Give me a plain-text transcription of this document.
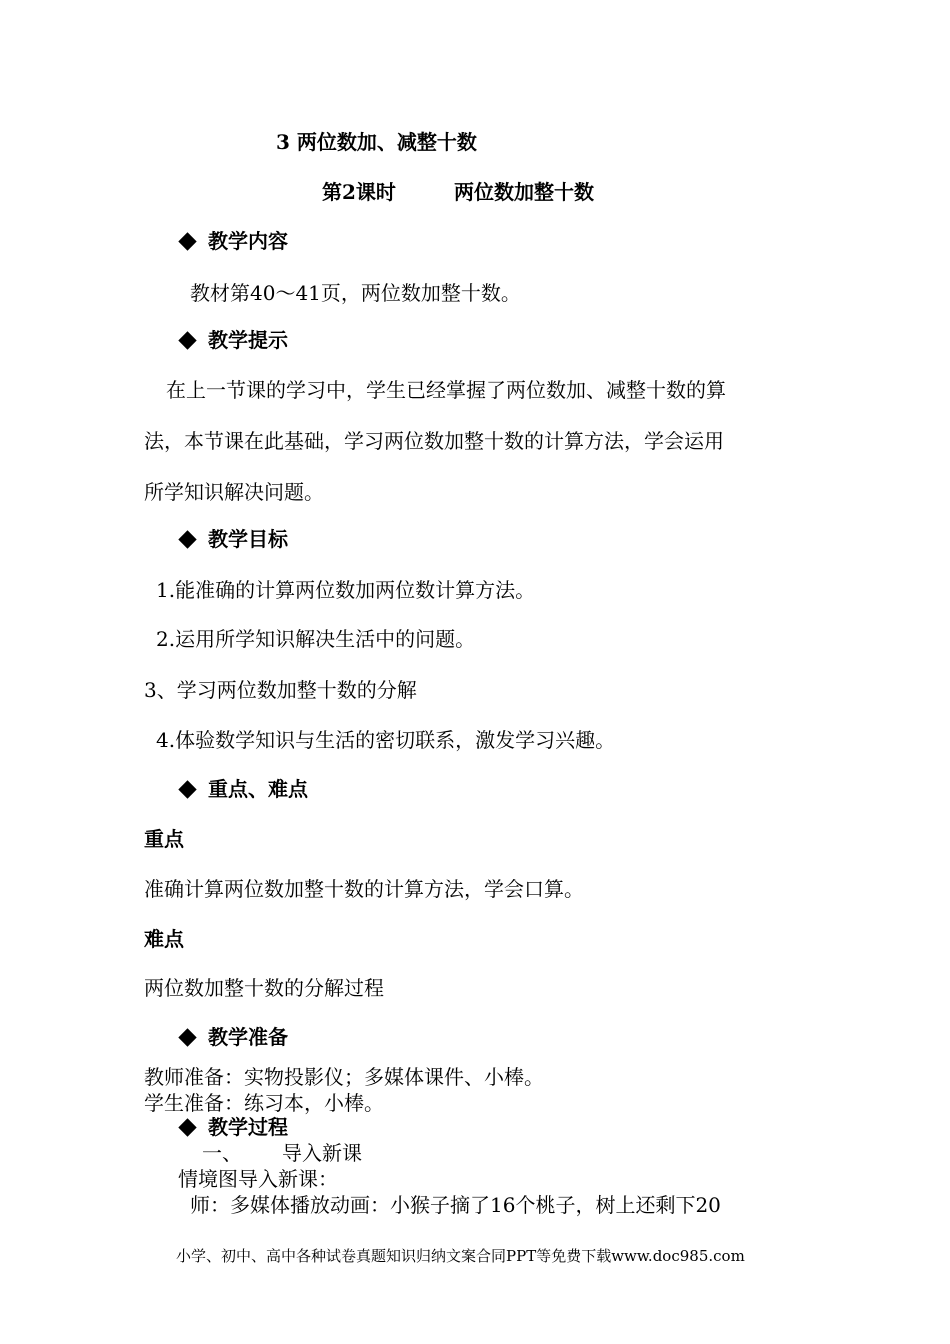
3 两位数加、减整十数
第2课时	两位数加整十数
教学内容
教材第40～41页，两位数加整十数。
教学提示
在上一节课的学习中，学生已经掌握了两位数加、减整十数的算
法，本节课在此基础，学习两位数加整十数的计算方法，学会运用
所学知识解决问题。
教学目标
1.能准确的计算两位数加两位数计算方法。
2.运用所学知识解决生活中的问题。
3、学习两位数加整十数的分解
4.体验数学知识与生活的密切联系，激发学习兴趣。
重点、难点
重点
准确计算两位数加整十数的计算方法，学会口算。
难点
两位数加整十数的分解过程
教学准备
教师准备：实物投影仪；多媒体课件、小棒。
学生准备：练习本，小棒。
教学过程
一、 导入新课
情境图导入新课：
师：多媒体播放动画：小猴子摘了16个桃子，树上还剩下20
小学、初中、高中各种试卷真题知识归纳文案合同PPT等免费下载www.doc985.com
